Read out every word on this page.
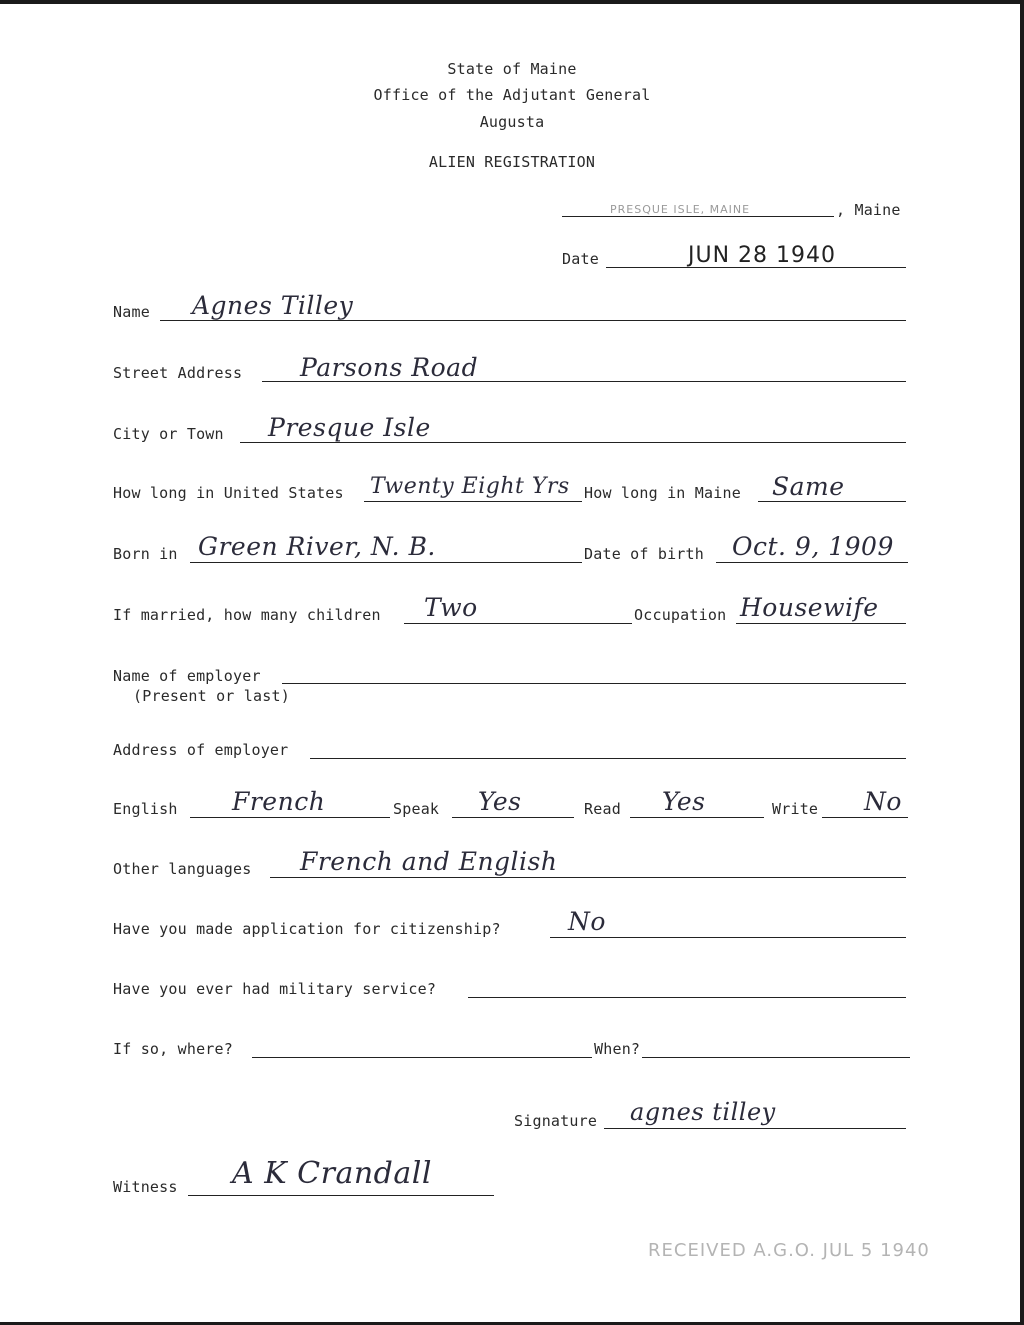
State of Maine
Office of the Adjutant General
Augusta
ALIEN REGISTRATION
PRESQUE ISLE, MAINE	, Maine
Date	JUN 28 1940
Name Agnes Tilley
Street Address Parsons Road
City or Town Presque Isle
How long in United States Twenty Eight Yrs How long in Maine Same
Born in Green River, N. B.	Date of birth Oct. 9, 1909
If married, how many children Two	Occupation Housewife
Name of employer
(Present or last)
Address of employer
English French	Speak Yes	Read Yes	Write No
Other languages French and English
Have you made application for citizenship?	No
Have you ever had military service?
If so, where?	When?
Signature agnes tilley
Witness A K Crandall
RECEIVED A.G.O. JUL 5 1940
